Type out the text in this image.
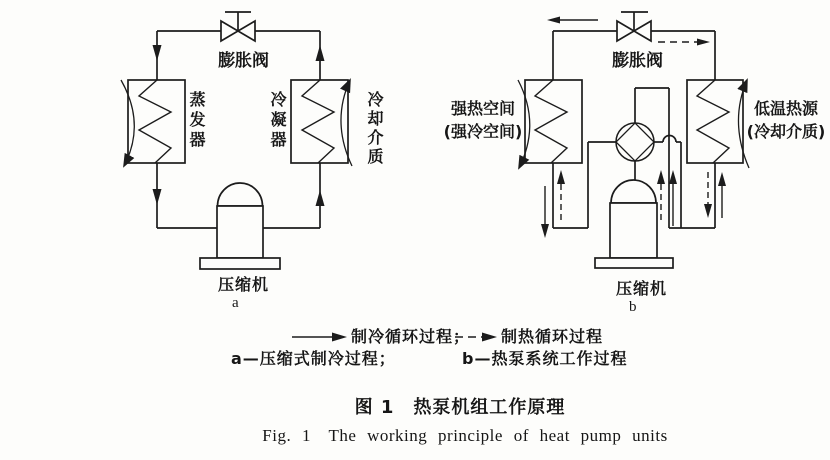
膨胀阀
蒸发器	冷凝器	冷却介质
压缩机
a
膨胀阀
强热空间
(强冷空间)
低温热源
(冷却介质)
压缩机
b
制冷循环过程； 制热循环过程
a—压缩式制冷过程；	b—热泵系统工作过程
图 1　热泵机组工作原理
Fig. 1　The working principle of heat pump units
